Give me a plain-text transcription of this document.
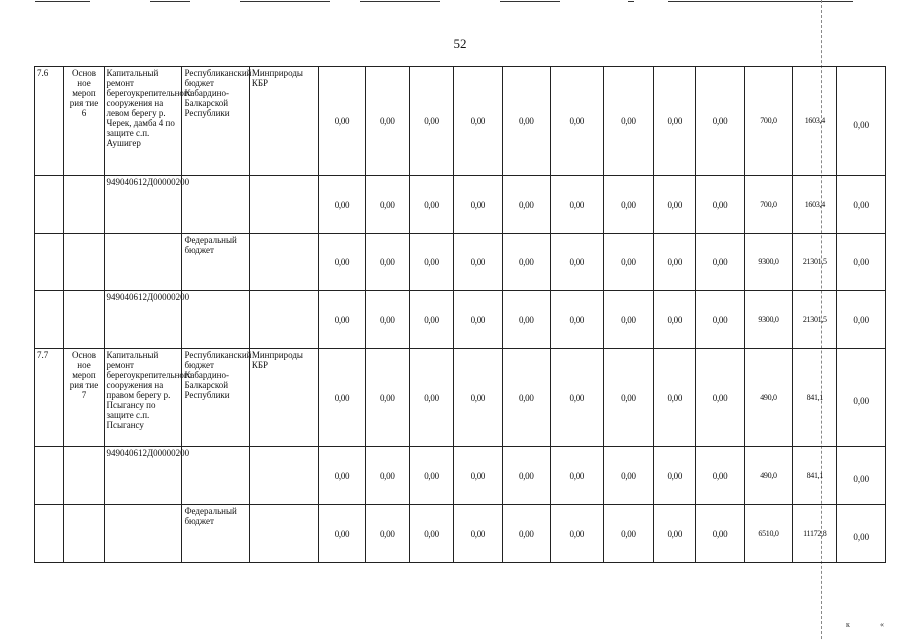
52
7.6	Основ ное мероп рия тие 6	Капитальный ремонт берегоукрепительного сооружения на левом берегу р. Черек, дамба 4 по защите с.п. Аушигер	Республиканский бюджет Кабардино-Балкарской Республики	Минприроды КБР	0,00	0,00	0,00	0,00	0,00	0,00	0,00	0,00	0,00	700,0	1603,4	0,00
		949040612Д00000200			0,00	0,00	0,00	0,00	0,00	0,00	0,00	0,00	0,00	700,0	1603,4	0,00
			Федеральный бюджет		0,00	0,00	0,00	0,00	0,00	0,00	0,00	0,00	0,00	9300,0	21301,5	0,00
		949040612Д00000200			0,00	0,00	0,00	0,00	0,00	0,00	0,00	0,00	0,00	9300,0	21301,5	0,00
7.7	Основ ное мероп рия тие 7	Капитальный ремонт берегоукрепительного сооружения на правом берегу р. Псыгансу по защите с.п. Псыгансу	Республиканский бюджет Кабардино-Балкарской Республики	Минприроды КБР	0,00	0,00	0,00	0,00	0,00	0,00	0,00	0,00	0,00	490,0	841,1	0,00
		949040612Д00000200			0,00	0,00	0,00	0,00	0,00	0,00	0,00	0,00	0,00	490,0	841,1	0,00
			Федеральный бюджет		0,00	0,00	0,00	0,00	0,00	0,00	0,00	0,00	0,00	6510,0	11172,8	0,00
к	«
